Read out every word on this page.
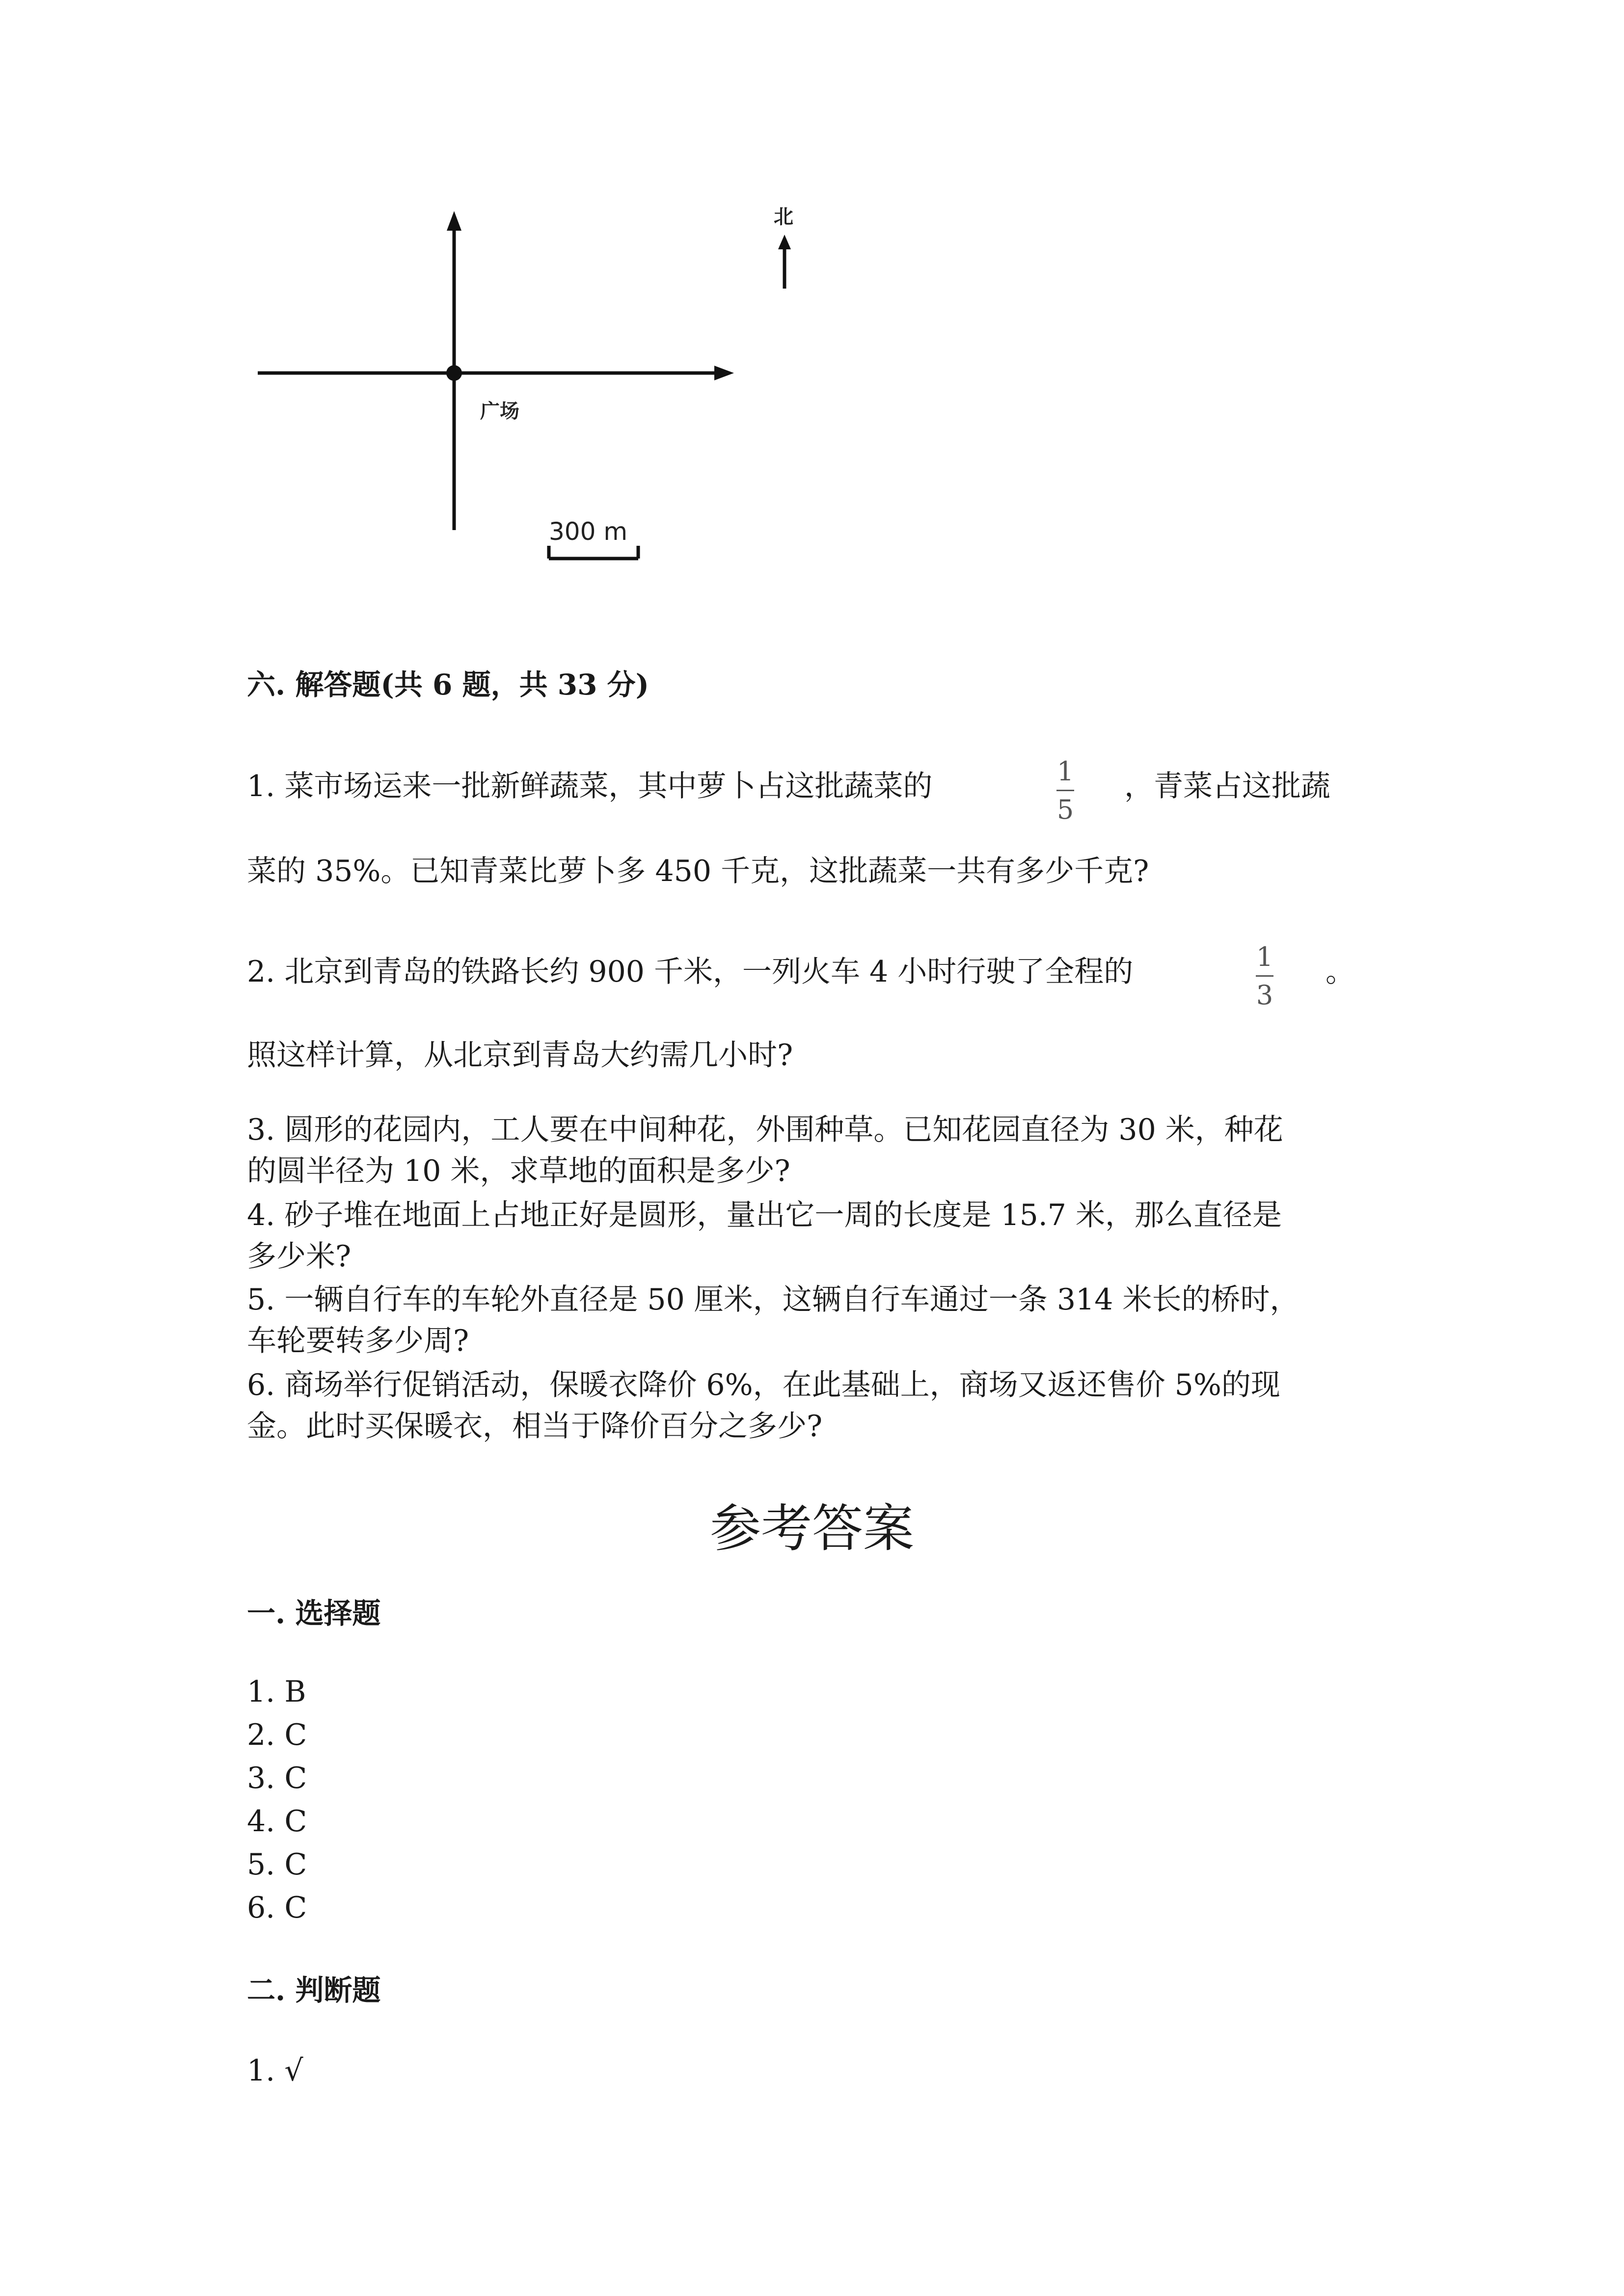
北
广场
300 m
六. 解答题(共 6 题，共 33 分)
1. 菜市场运来一批新鲜蔬菜，其中萝卜占这批蔬菜的	1
5
，青菜占这批蔬
菜的 35%。已知青菜比萝卜多 450 千克，这批蔬菜一共有多少千克?
2. 北京到青岛的铁路长约 900 千米，一列火车 4 小时行驶了全程的	1
3
。
照这样计算，从北京到青岛大约需几小时?
3. 圆形的花园内，工人要在中间种花，外围种草。已知花园直径为 30 米，种花
的圆半径为 10 米，求草地的面积是多少?
4. 砂子堆在地面上占地正好是圆形，量出它一周的长度是 15.7 米，那么直径是
多少米?
5. 一辆自行车的车轮外直径是 50 厘米，这辆自行车通过一条 314 米长的桥时，
车轮要转多少周?
6. 商场举行促销活动，保暖衣降价 6%，在此基础上，商场又返还售价 5%的现
金。此时买保暖衣，相当于降价百分之多少?
参考答案
一. 选择题
1. B
2. C
3. C
4. C
5. C
6. C
二. 判断题
1. √
